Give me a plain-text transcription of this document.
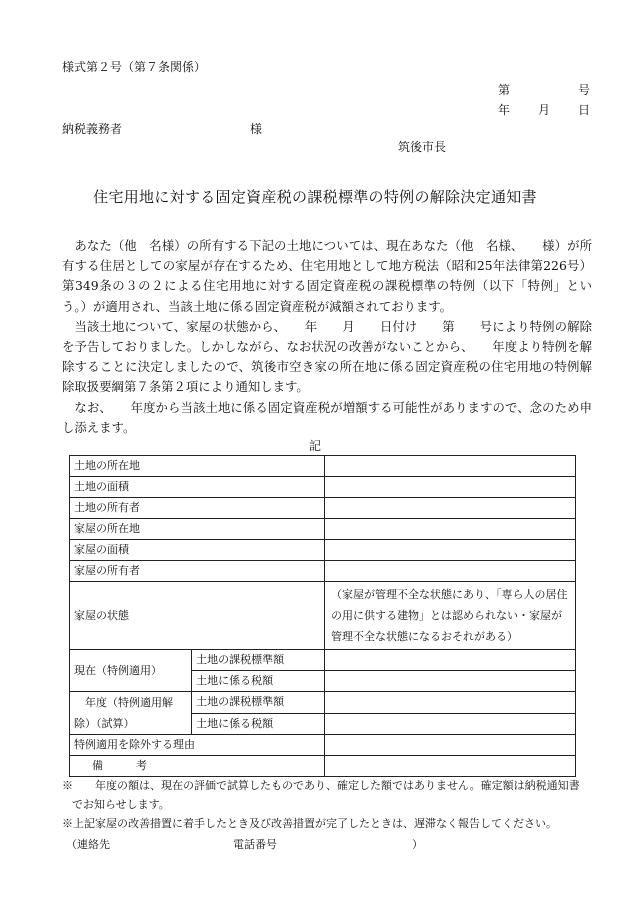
様式第２号（第７条関係）
第	号
年 月 日
納税義務者	様
筑後市長
住宅用地に対する固定資産税の課税標準の特例の解除決定通知書

あなた（他　名様）の所有する下記の土地については、現在あなた（他　名様、　　様）が所有する住居としての家屋が存在するため、住宅用地として地方税法（昭和25年法律第226号）第349条の３の２による住宅用地に対する固定資産税の課税標準の特例（以下「特例」という。）が適用され、当該土地に係る固定資産税が減額されております。

当該土地について、家屋の状態から、　　年　　月　　日付け　　第　　号により特例の解除を予告しておりました。しかしながら、なお状況の改善がないことから、　　年度より特例を解除することに決定しましたので、筑後市空き家の所在地に係る固定資産税の住宅用地の特例解除取扱要綱第７条第２項により通知します。

なお、　　年度から当該土地に係る固定資産税が増額する可能性がありますので、念のため申し添えます。

記
土地の所在地		
土地の面積		
土地の所有者		
家屋の所在地		
家屋の面積		
家屋の所有者		
家屋の状態		（家屋が管理不全な状態にあり、「専ら人の居住の用に供する建物」とは認められない・家屋が管理不全な状態になるおそれがある）
現在（特例適用）	土地の課税標準額	
	土地に係る税額	
　年度（特例適用解除）（試算）	土地の課税標準額	
	土地に係る税額	
特例適用を除外する理由		
備　　　考		
※　　年度の額は、現在の評価で試算したものであり、確定した額ではありません。確定額は納税通知書
でお知らせします。
※上記家屋の改善措置に着手したとき及び改善措置が完了したときは、遅滞なく報告してください。
（連絡先	電話番号	）
